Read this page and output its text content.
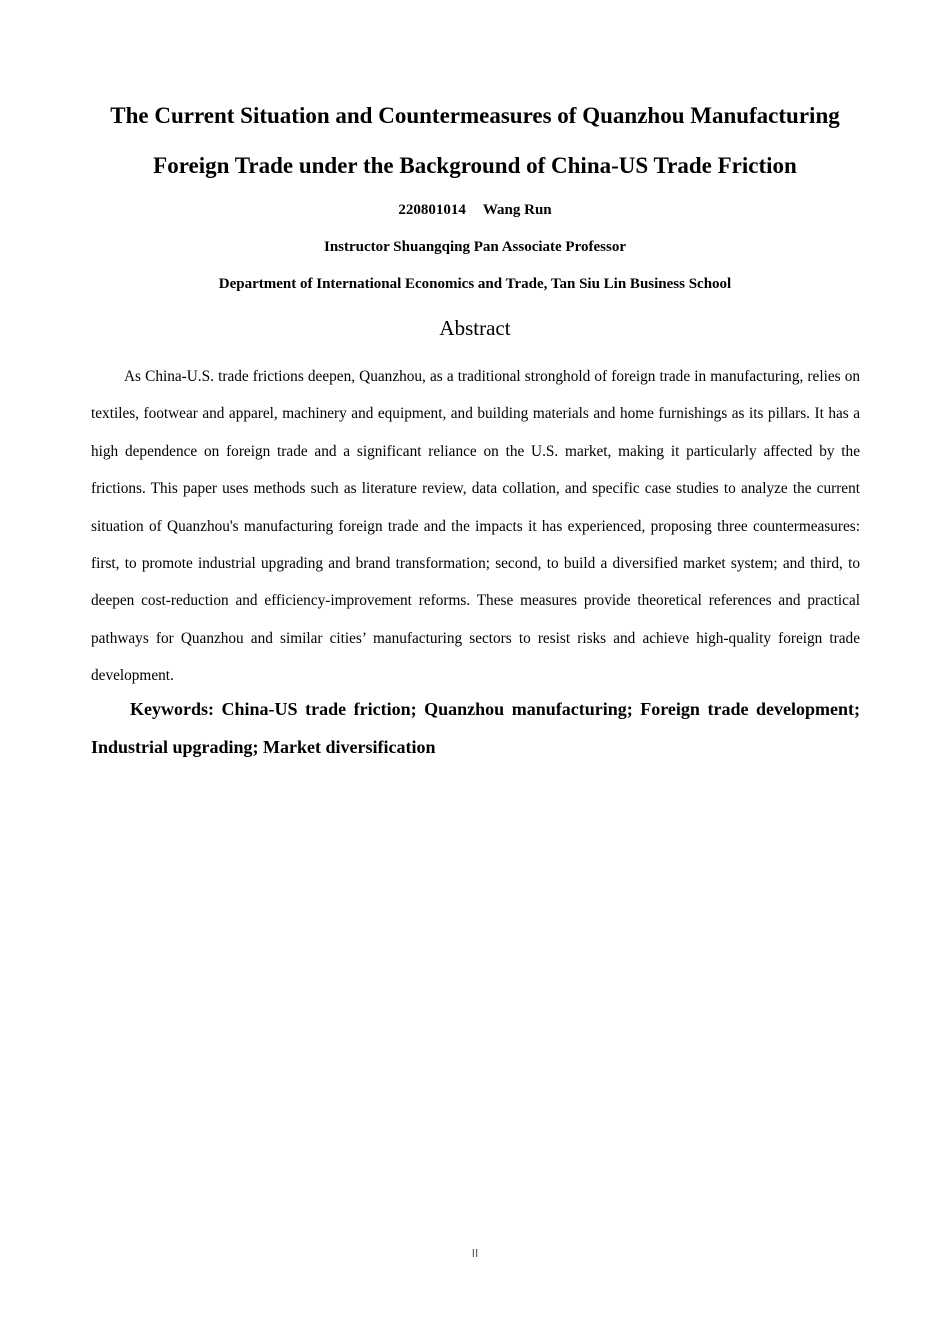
The Current Situation and Countermeasures of Quanzhou Manufacturing
Foreign Trade under the Background of China-US Trade Friction
220801014 Wang Run
Instructor Shuangqing Pan Associate Professor
Department of International Economics and Trade, Tan Siu Lin Business School
Abstract

As China-U.S. trade frictions deepen, Quanzhou, as a traditional stronghold of foreign trade in manufacturing, relies on textiles, footwear and apparel, machinery and equipment, and building materials and home furnishings as its pillars. It has a high dependence on foreign trade and a significant reliance on the U.S. market, making it particularly affected by the frictions. This paper uses methods such as literature review, data collation, and specific case studies to analyze the current situation of Quanzhou's manufacturing foreign trade and the impacts it has experienced, proposing three countermeasures: first, to promote industrial upgrading and brand transformation; second, to build a diversified market system; and third, to deepen cost-reduction and efficiency-improvement reforms. These measures provide theoretical references and practical pathways for Quanzhou and similar cities’ manufacturing sectors to resist risks and achieve high-quality foreign trade development.

Keywords: China-US trade friction; Quanzhou manufacturing; Foreign trade development; Industrial upgrading; Market diversification

II
